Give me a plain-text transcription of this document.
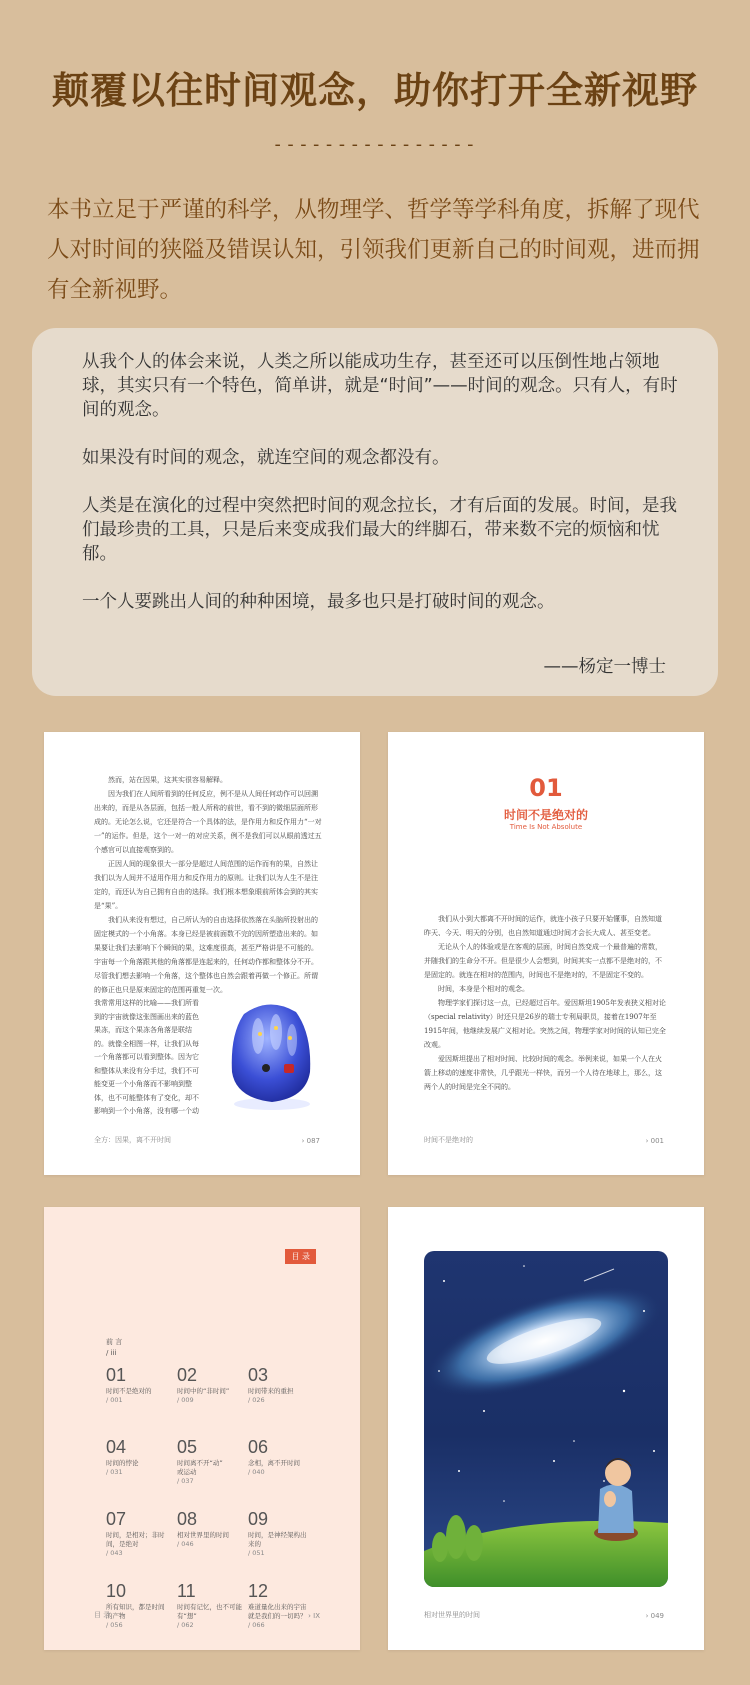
颠覆以往时间观念，助你打开全新视野
----------------
本书立足于严谨的科学，从物理学、哲学等学科角度，拆解了现代人对时间的狭隘及错误认知，引领我们更新自己的时间观，进而拥有全新视野。

从我个人的体会来说，人类之所以能成功生存，甚至还可以压倒性地占领地球，其实只有一个特色，简单讲，就是“时间”——时间的观念。只有人，有时间的观念。

如果没有时间的观念，就连空间的观念都没有。

人类是在演化的过程中突然把时间的观念拉长，才有后面的发展。时间，是我们最珍贵的工具，只是后来变成我们最大的绊脚石，带来数不完的烦恼和忧郁。

一个人要跳出人间的种种困境，最多也只是打破时间的观念。

——杨定一博士

然而，站在因果，这其实很容易解释。

因为我们在人间所看到的任何反应，例不是从人间任何动作可以回溯出来的，而是从各层面，包括一般人所称的前世，看不到的微细层面所形成的。无论怎么说，它还是符合一个具体的法，是作用力和反作用力“一对一”的运作。但是，这个一对一的对应关系，例不是我们可以从眼前透过五个感官可以直接观察到的。

正因人间的现象很大一部分是超过人间范围的运作而有的果，自然让我们以为人间并不适用作用力和反作用力的原则。让我们以为人生不是注定的，而还认为自己拥有自由的选择。我们根本想象眼前所体会到的其实是“果”。

我们从来没有想过，自己所认为的自由选择依然落在头脑所投射出的固定模式的一个小角落。本身已经是被前面数不完的因所塑造出来的。如果要让我们去影响下个瞬间的果，这难度很高，甚至严格讲是不可能的。宇宙每一个角落跟其他的角落都是连起来的，任何动作都和整体分不开。尽管我们想去影响一个角落，这个整体也自然会跟着再做一个修正。所谓的修正也只是原来固定的范围再重复一次。

我常常用这样的比喻——我们所看到的宇宙就像这张图画出来的蓝色果冻，而这个果冻各角落是联结的。就像全相图一样，让我们从每一个角落都可以看到整体。因为它和整体从来没有分手过，我们不可能变更一个小角落而不影响到整体，也不可能整体有了变化，却不影响到一个小角落，没有哪一个动
全方：因果，离不开时间	› 087
01
时间不是绝对的
Time Is Not Absolute

我们从小到大都离不开时间的运作，就连小孩子只要开始懂事，自然知道昨天、今天、明天的分别，也自然知道通过时间才会长大成人、甚至变老。

无论从个人的体验或是在客观的层面，时间自然变成一个最普遍的常数，并随我们的生命分不开。但是很少人会想到，时间其实一点都不是绝对的，不是固定的。就连在相对的范围内，时间也不是绝对的，不是固定不变的。

时间，本身是个相对的观念。

物理学家们探讨这一点，已经超过百年。爱因斯坦1905年发表狭义相对论（special relativity）时还只是26岁的瑞士专利局职员，接着在1907年至1915年间，他继续发展广义相对论。突然之间，物理学家对时间的认知已完全改观。

爱因斯坦提出了相对时间、比较时间的观念。举例来说，如果一个人在火箭上移动的速度非常快，几乎跟光一样快，而另一个人待在地球上，那么，这两个人的时间是完全不同的。

时间不是绝对的	› 001
目 录
前 言
/ iii
01
时间不是绝对的
/ 001
02
时间中的“非时间”
/ 009
03
时间带来的重担
/ 026
04
时间的悖论
/ 031
05
时间离不开“动”
或运动
/ 037
06
念相，离不开时间
/ 040
07
时间，是相对；非时
间，是绝对
/ 043
08
相对世界里的时间
/ 046
09
时间，是神经架构出
来的
/ 051
10
所有知识，都是时间
的产物
/ 056
11
时间有记忆，也不可能
有“想”
/ 062
12
难道量化出来的宇宙
就是我们的一切吗？
/ 066
目 录	› IX	相对世界里的时间	› 049
